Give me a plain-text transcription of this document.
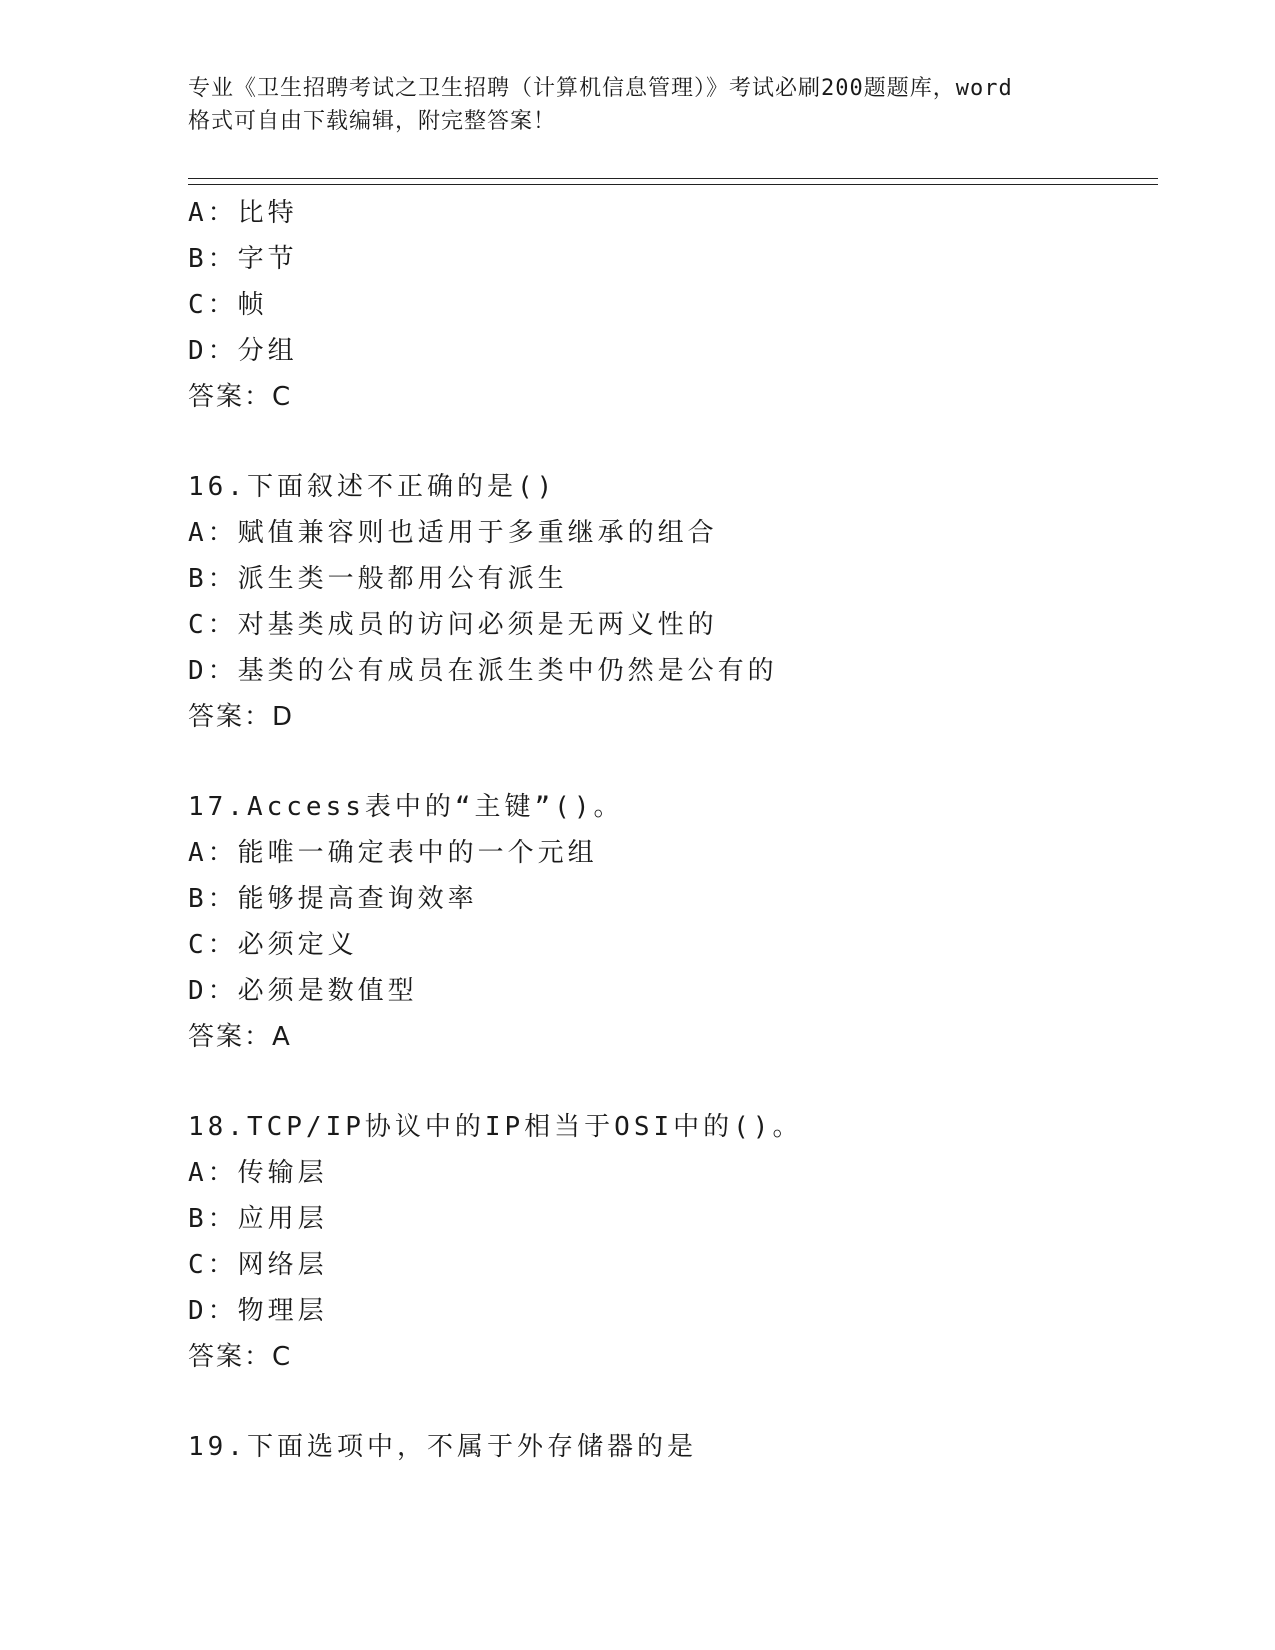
专业《卫生招聘考试之卫生招聘（计算机信息管理）》考试必刷200题题库，word
格式可自由下载编辑，附完整答案！
A：比特
B：字节
C：帧
D：分组
答案：C
16.下面叙述不正确的是()
A：赋值兼容则也适用于多重继承的组合
B：派生类一般都用公有派生
C：对基类成员的访问必须是无两义性的
D：基类的公有成员在派生类中仍然是公有的
答案：D
17.Access表中的“主键”()。
A：能唯一确定表中的一个元组
B：能够提高查询效率
C：必须定义
D：必须是数值型
答案：A
18.TCP/IP协议中的IP相当于OSI中的()。
A：传输层
B：应用层
C：网络层
D：物理层
答案：C
19.下面选项中，不属于外存储器的是
